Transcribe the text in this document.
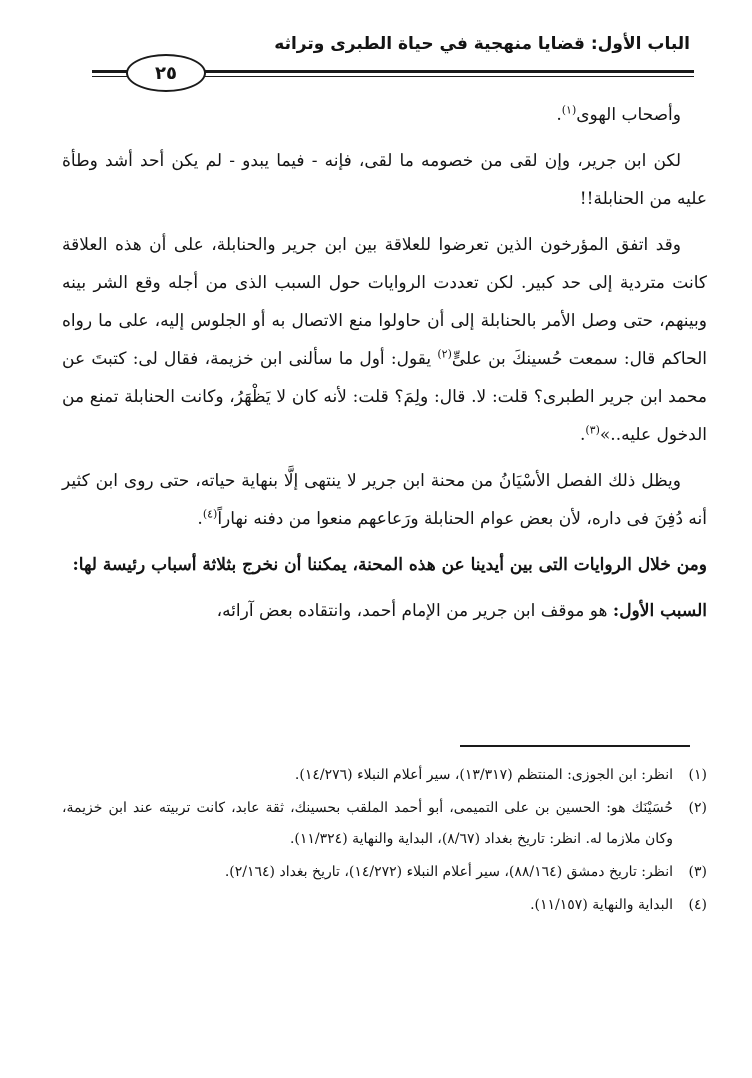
الباب الأول: قضايا منهجية في حياة الطبرى وتراثه
٢٥

وأصحاب الهوى$^{(١)}$.

لكن ابن جرير، وإن لقى من خصومه ما لقى، فإنه - فيما يبدو - لم يكن أحد أشد وطأة عليه من الحنابلة!!

وقد اتفق المؤرخون الذين تعرضوا للعلاقة بين ابن جرير والحنابلة، على أن هذه العلاقة كانت متردية إلى حد كبير. لكن تعددت الروايات حول السبب الذى من أجله وقع الشر بينه وبينهم، حتى وصل الأمر بالحنابلة إلى أن حاولوا منع الاتصال به أو الجلوس إليه، على ما رواه الحاكم قال: سمعت حُسينكَ بن علىٍّ$^{(٢)}$ يقول: أول ما سألنى ابن خزيمة، فقال لى: كتبتَ عن محمد ابن جرير الطبرى؟ قلت: لا. قال: ولِمَ؟ قلت: لأنه كان لا يَظْهَرُ، وكانت الحنابلة تمنع من الدخول عليه..»$^{(٣)}$.

ويظل ذلك الفصل الأسْيَانُ من محنة ابن جرير لا ينتهى إلَّا بنهاية حياته، حتى روى ابن كثير أنه دُفِنَ فى داره، لأن بعض عوام الحنابلة ورَعاعهم منعوا من دفنه نهاراً$^{(٤)}$.

ومن خلال الروايات التى بين أيدينا عن هذه المحنة، يمكننا أن نخرج بثلاثة أسباب رئيسة لها:

السبب الأول: هو موقف ابن جرير من الإمام أحمد، وانتقاده بعض آرائه،

(١)
انظر: ابن الجوزى: المنتظم (١٣/٣١٧)، سير أعلام النبلاء (١٤/٢٧٦).
(٢)
حُسَيْنَك هو: الحسين بن على التميمى، أبو أحمد الملقب بحسينك، ثقة عابد، كانت تربيته عند ابن خزيمة، وكان ملازما له. انظر: تاريخ بغداد (٨/٦٧)، البداية والنهاية (١١/٣٢٤).
(٣)
انظر: تاريخ دمشق (٨٨/١٦٤)، سير أعلام النبلاء (١٤/٢٧٢)، تاريخ بغداد (٢/١٦٤).
(٤)
البداية والنهاية (١١/١٥٧).
